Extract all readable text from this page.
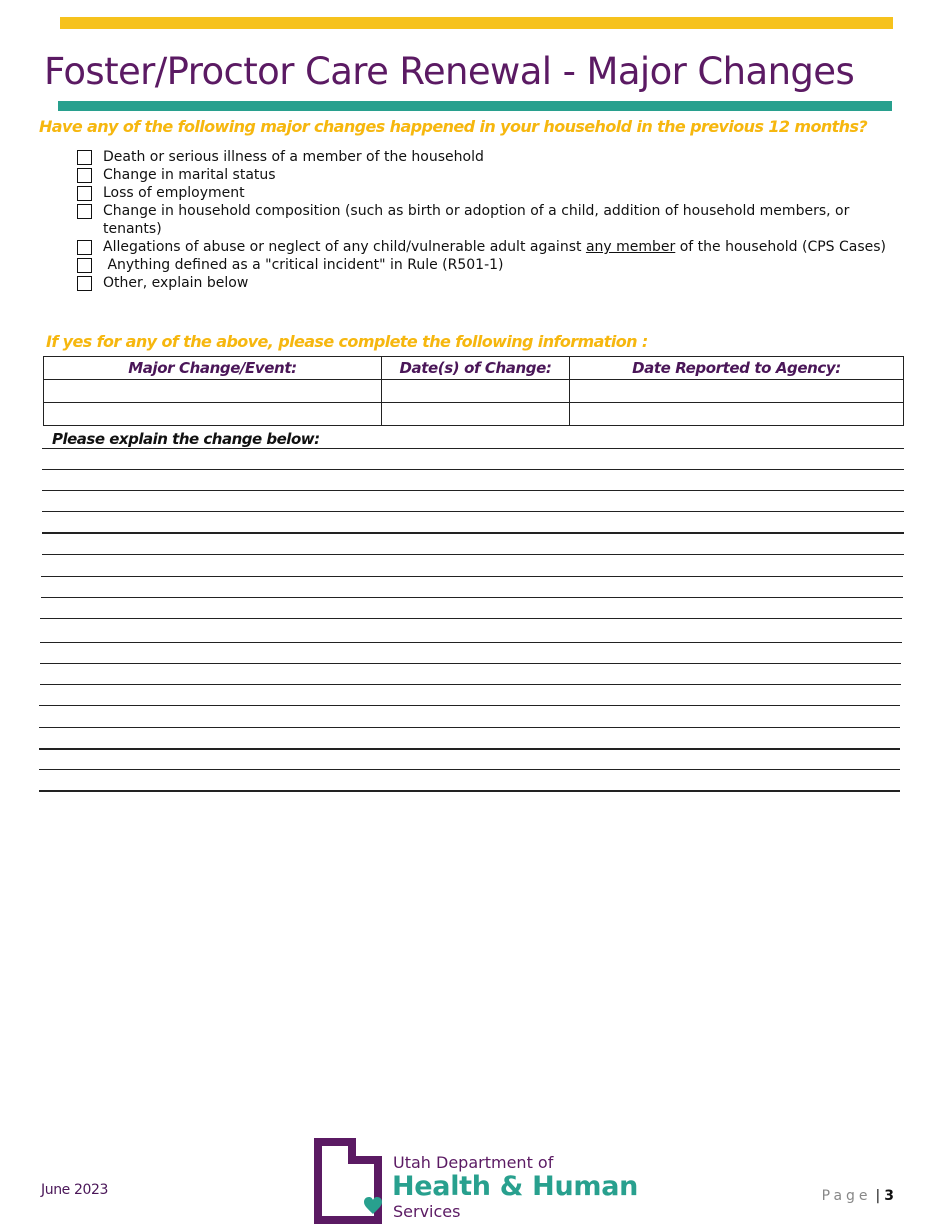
Foster/Proctor Care Renewal - Major Changes
Have any of the following major changes happened in your household in the previous 12 months?
Death or serious illness of a member of the household
Change in marital status
Loss of employment
Change in household composition (such as birth or adoption of a child, addition of household members, or tenants)
Allegations of abuse or neglect of any child/vulnerable adult against any member of the household (CPS Cases)
Anything defined as a "critical incident" in Rule (R501-1)
Other, explain below
If yes for any of the above, please complete the following information :
Major Change/Event:	Date(s) of Change:	Date Reported to Agency:

Please explain the change below:
June 2023
Utah Department of
Health & Human
Services
Page | 3
